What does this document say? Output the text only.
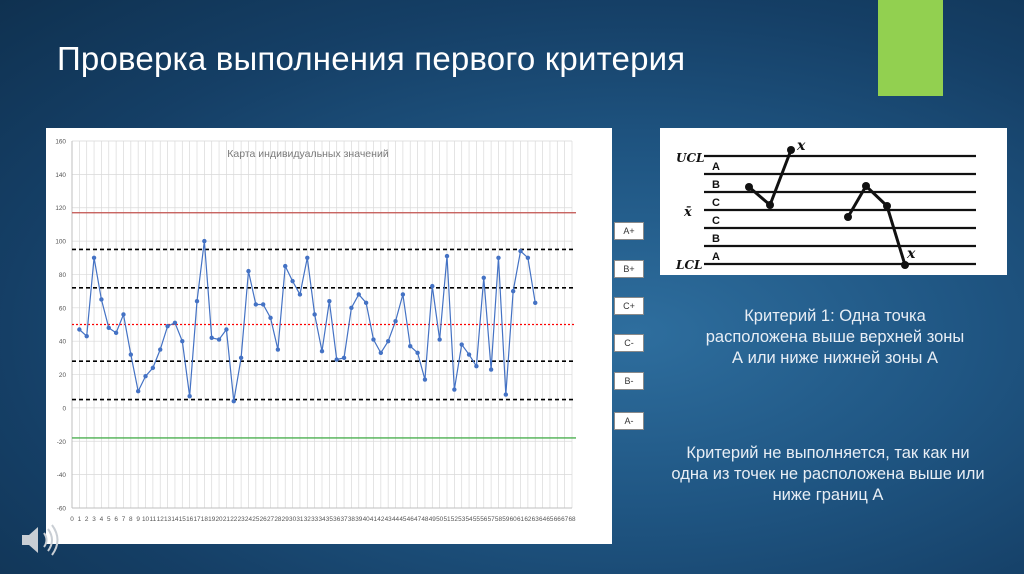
Проверка выполнения первого критерия
-60
-40
-20
0
20
40
60
80
100
120
140
160
0 1 2 3 4 5 6 7 8 9 10 11 12 13 14 15 16 17 18 19 20 21 22 23 24 25 26 27 28 29 30 31 32 33 34 35 36 37 38 39 40 41 42 43 44 45 46 47 48 49 50 51 52 53 54 55 56 57 58 59 60 61 62 63 64 65 66 67 68
Карта индивидуальных значений
A+
B+
C+
C-
B-
A-
A
B
C
C
B
A
UCL
x̄
LCL
x
x
Критерий 1: Одна точка расположена выше верхней зоны А или ниже нижней зоны А
Критерий не выполняется, так как ни одна из точек не расположена выше или ниже границ А
